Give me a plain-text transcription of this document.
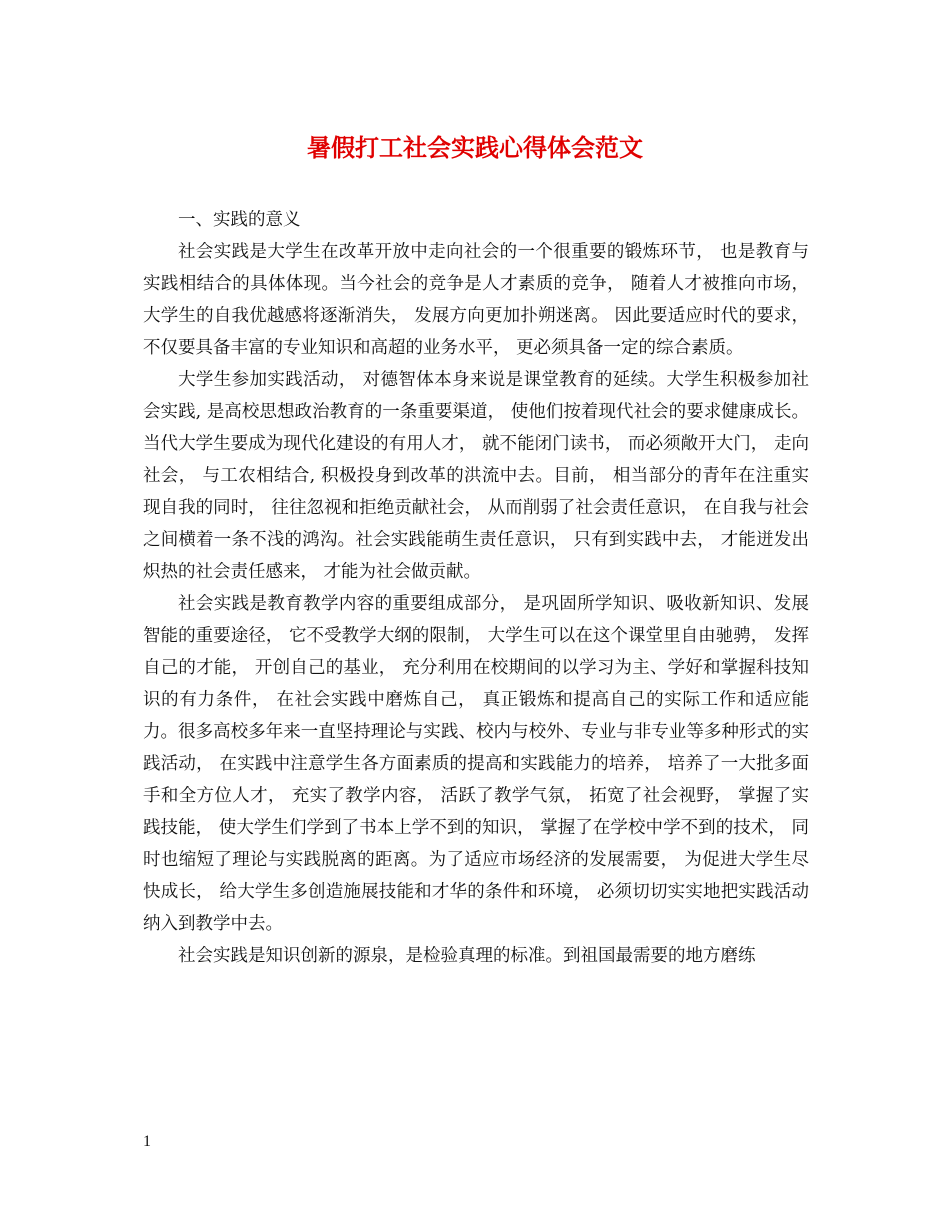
暑假打工社会实践心得体会范文

一、实践的意义

社会实践是大学生在改革开放中走向社会的一个很重要的锻炼环节， 也是教育与实践相结合的具体体现。当今社会的竞争是人才素质的竞争， 随着人才被推向市场， 大学生的自我优越感将逐渐消失， 发展方向更加扑朔迷离。 因此要适应时代的要求， 不仅要具备丰富的专业知识和高超的业务水平， 更必须具备一定的综合素质。

大学生参加实践活动， 对德智体本身来说是课堂教育的延续。大学生积极参加社会实践, 是高校思想政治教育的一条重要渠道， 使他们按着现代社会的要求健康成长。当代大学生要成为现代化建设的有用人才， 就不能闭门读书， 而必须敞开大门， 走向社会， 与工农相结合, 积极投身到改革的洪流中去。目前， 相当部分的青年在注重实现自我的同时， 往往忽视和拒绝贡献社会， 从而削弱了社会责任意识， 在自我与社会之间横着一条不浅的鸿沟。社会实践能萌生责任意识， 只有到实践中去， 才能迸发出炽热的社会责任感来， 才能为社会做贡献。

社会实践是教育教学内容的重要组成部分， 是巩固所学知识、吸收新知识、发展智能的重要途径， 它不受教学大纲的限制， 大学生可以在这个课堂里自由驰骋， 发挥自己的才能， 开创自己的基业， 充分利用在校期间的以学习为主、学好和掌握科技知识的有力条件， 在社会实践中磨炼自己， 真正锻炼和提高自己的实际工作和适应能力。很多高校多年来一直坚持理论与实践、校内与校外、专业与非专业等多种形式的实践活动， 在实践中注意学生各方面素质的提高和实践能力的培养， 培养了一大批多面手和全方位人才， 充实了教学内容， 活跃了教学气氛， 拓宽了社会视野， 掌握了实践技能， 使大学生们学到了书本上学不到的知识， 掌握了在学校中学不到的技术， 同时也缩短了理论与实践脱离的距离。为了适应市场经济的发展需要， 为促进大学生尽快成长， 给大学生多创造施展技能和才华的条件和环境， 必须切切实实地把实践活动纳入到教学中去。

社会实践是知识创新的源泉，是检验真理的标准。到祖国最需要的地方磨练

1
